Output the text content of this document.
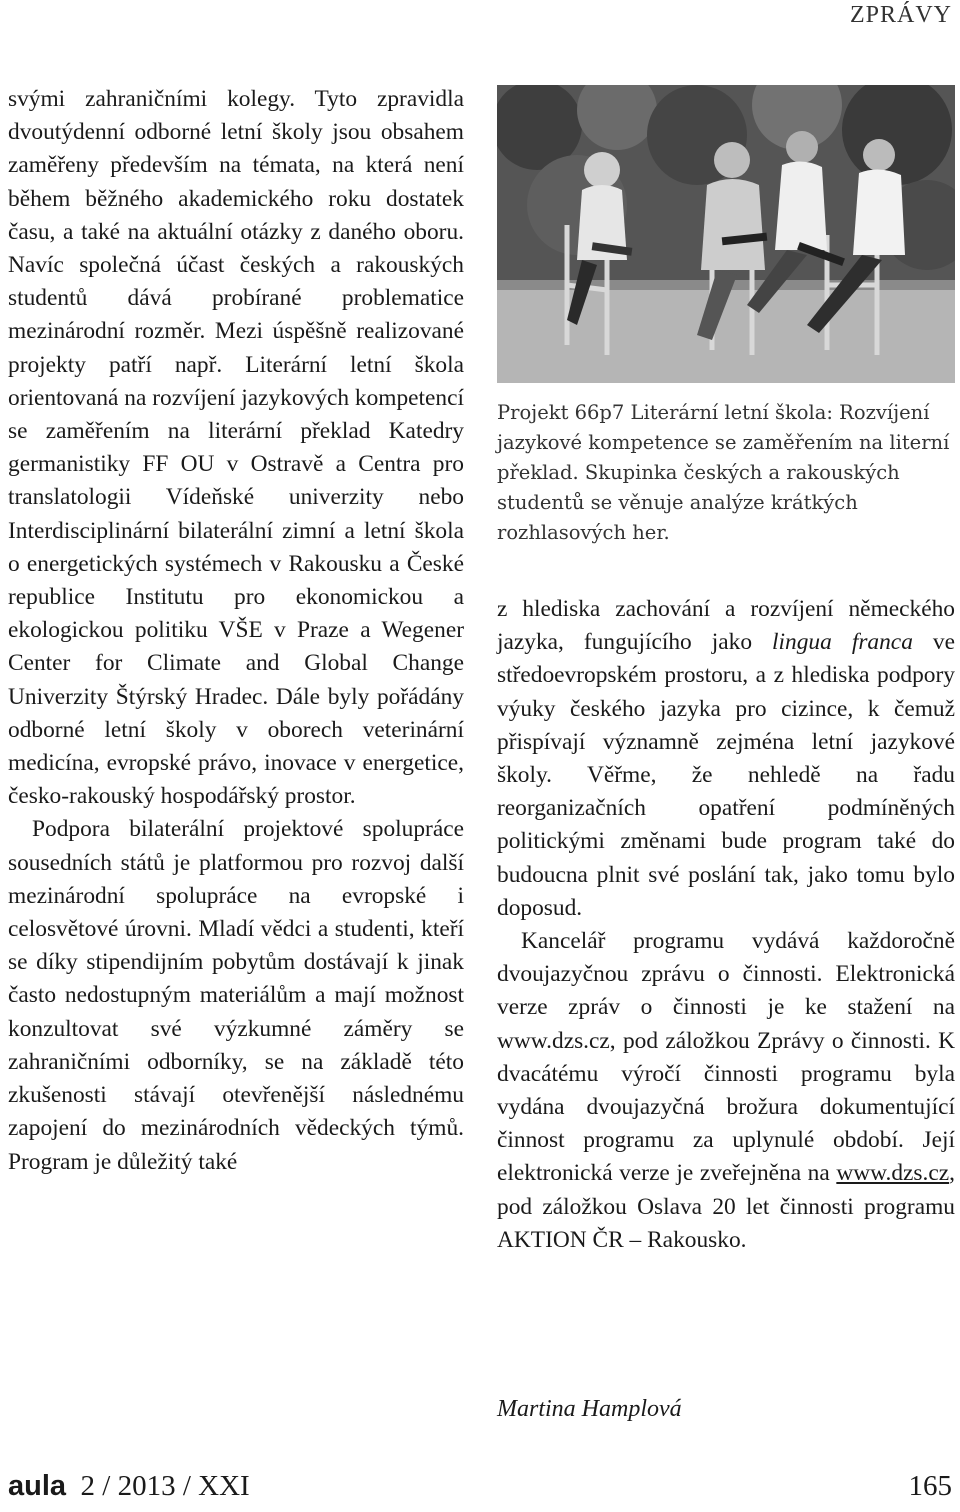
ZPRÁVY

svými zahraničními kolegy. Tyto zpravidla dvoutýdenní odborné letní školy jsou obsahem zaměřeny především na témata, na která není během běžného akademického roku dostatek času, a také na aktuální otázky z daného oboru. Navíc společná účast českých a rakouských studentů dává probírané problematice mezinárodní rozměr. Mezi úspěšně realizované projekty patří např. Literární letní škola orientovaná na rozvíjení jazykových kompetencí se zaměřením na literární překlad Katedry germanistiky FF OU v Ostravě a Centra pro translatologii Vídeňské univerzity nebo Interdisciplinární bilaterální zimní a letní škola o energetických systémech v Rakousku a České republice Institutu pro ekonomickou a ekologickou politiku VŠE v Praze a Wegener Center for Climate and Global Change Univerzity Štýrský Hradec. Dále byly pořádány odborné letní školy v oborech veterinární medicína, evropské právo, inovace v energetice, česko-rakouský hospodářský prostor.

Podpora bilaterální projektové spolupráce sousedních států je platformou pro rozvoj další mezinárodní spolupráce na evropské i celosvětové úrovni. Mladí vědci a studenti, kteří se díky stipendijním pobytům dostávají k jinak často nedostupným materiálům a mají možnost konzultovat své výzkumné záměry se zahraničními odborníky, se na základě této zkušenosti stávají otevřenější následnému zapojení do mezinárodních vědeckých týmů. Program je důležitý také

Projekt 66p7 Literární letní škola: Rozvíjení jazykové kompetence se zaměřením na literní překlad. Skupinka českých a rakouských studentů se věnuje analýze krátkých rozhlasových her.

z hlediska zachování a rozvíjení německého jazyka, fungujícího jako lingua franca ve středoevropském prostoru, a z hlediska podpory výuky českého jazyka pro cizince, k čemuž přispívají významně zejména letní jazykové školy. Věřme, že nehledě na řadu reorganizačních opatření podmíněných politickými změnami bude program také do budoucna plnit své poslání tak, jako tomu bylo doposud.

Kancelář programu vydává každoročně dvoujazyčnou zprávu o činnosti. Elektronická verze zpráv o činnosti je ke stažení na www.dzs.cz, pod záložkou Zprávy o činnosti. K dvacátému výročí činnosti programu byla vydána dvoujazyčná brožura dokumentující činnost programu za uplynulé období. Její elektronická verze je zveřejněna na www.dzs.cz, pod záložkou Oslava 20 let činnosti programu AKTION ČR – Rakousko.

Martina Hamplová
aula 2 / 2013 / XXI	165
